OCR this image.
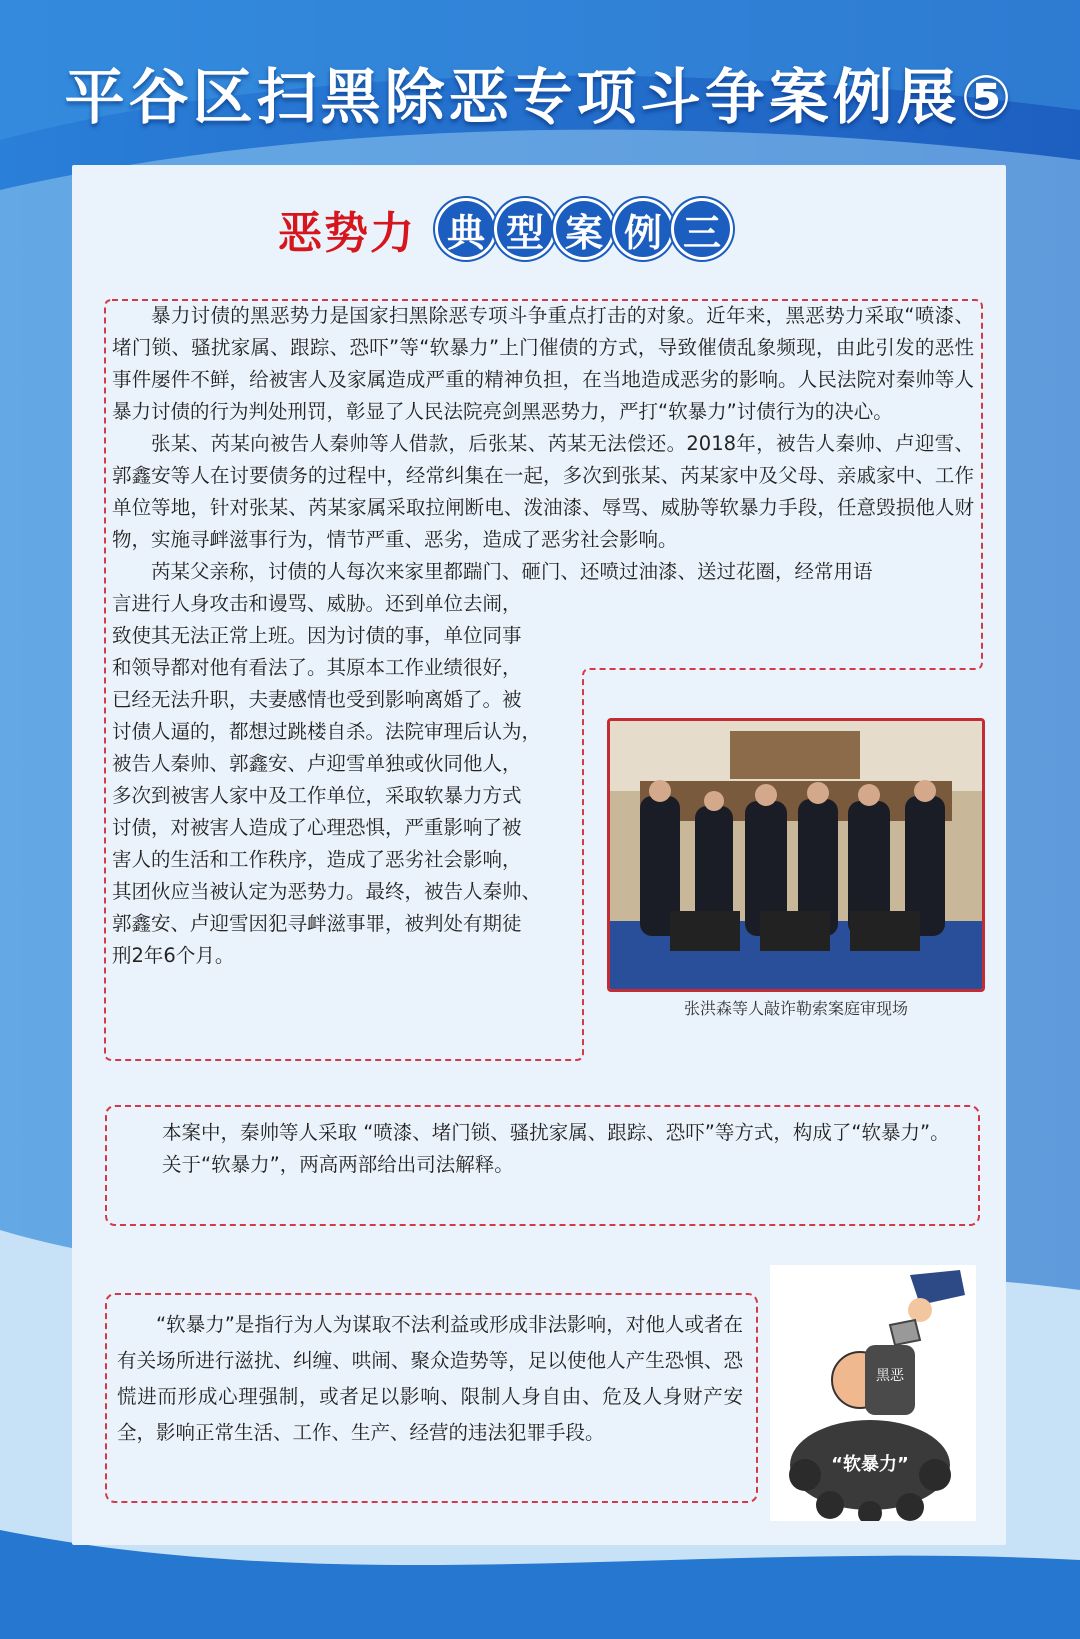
平谷区扫黑除恶专项斗争案例展⑤
恶势力 典 型 案 例 三

暴力讨债的黑恶势力是国家扫黑除恶专项斗争重点打击的对象。近年来，黑恶势力采取“喷漆、堵门锁、骚扰家属、跟踪、恐吓”等“软暴力”上门催债的方式，导致催债乱象频现，由此引发的恶性事件屡件不鲜，给被害人及家属造成严重的精神负担，在当地造成恶劣的影响。人民法院对秦帅等人暴力讨债的行为判处刑罚，彰显了人民法院亮剑黑恶势力，严打“软暴力”讨债行为的决心。

张某、芮某向被告人秦帅等人借款，后张某、芮某无法偿还。2018年，被告人秦帅、卢迎雪、郭鑫安等人在讨要债务的过程中，经常纠集在一起，多次到张某、芮某家中及父母、亲戚家中、工作单位等地，针对张某、芮某家属采取拉闸断电、泼油漆、辱骂、威胁等软暴力手段，任意毁损他人财物，实施寻衅滋事行为，情节严重、恶劣，造成了恶劣社会影响。

芮某父亲称，讨债的人每次来家里都踹门、砸门、还喷过油漆、送过花圈，经常用语

言进行人身攻击和谩骂、威胁。还到单位去闹，
致使其无法正常上班。因为讨债的事，单位同事
和领导都对他有看法了。其原本工作业绩很好，
已经无法升职，夫妻感情也受到影响离婚了。被
讨债人逼的，都想过跳楼自杀。法院审理后认为，
被告人秦帅、郭鑫安、卢迎雪单独或伙同他人，
多次到被害人家中及工作单位，采取软暴力方式
讨债，对被害人造成了心理恐惧，严重影响了被
害人的生活和工作秩序，造成了恶劣社会影响，
其团伙应当被认定为恶势力。最终，被告人秦帅、
郭鑫安、卢迎雪因犯寻衅滋事罪，被判处有期徒
刑2年6个月。
张洪森等人敲诈勒索案庭审现场

本案中，秦帅等人采取 “喷漆、堵门锁、骚扰家属、跟踪、恐吓”等方式，构成了“软暴力”。

关于“软暴力”，两高两部给出司法解释。

“软暴力”是指行为人为谋取不法利益或形成非法影响，对他人或者在有关场所进行滋扰、纠缠、哄闹、聚众造势等，足以使他人产生恐惧、恐慌进而形成心理强制，或者足以影响、限制人身自由、危及人身财产安全，影响正常生活、工作、生产、经营的违法犯罪手段。

黑恶
“软暴力”
